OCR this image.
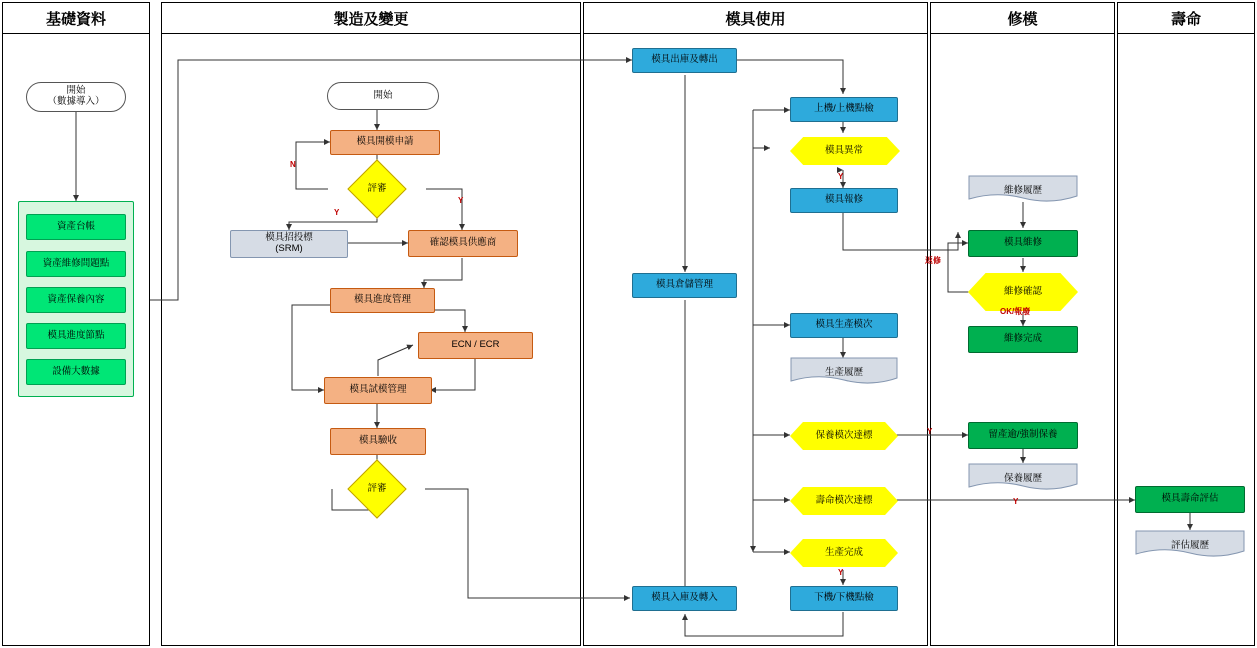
基礎資料	製造及變更	模具使用	修模	壽命
開始
（數據導入）
資產台帳
資產維修問題點
資產保養內容
模具進度節點
設備大數據
開始
模具開模申請
評審
模具招投標
(SRM)
確認模具供應商
模具進度管理
ECN / ECR
模具試模管理
模具驗收
評審
模具出庫及轉出
模具倉儲管理
模具入庫及轉入
上機/上機點檢
模具異常
模具報修
模具生產模次
生產履歷
保養模次達標
壽命模次達標
生產完成
下機/下機點檢
維修履歷
模具維修
維修確認
維修完成
留產逾/強制保養
保養履歷
模具壽命評估
評估履歷
N
Y
Y
Y
返修
OK/報廢
Y
Y
Y
